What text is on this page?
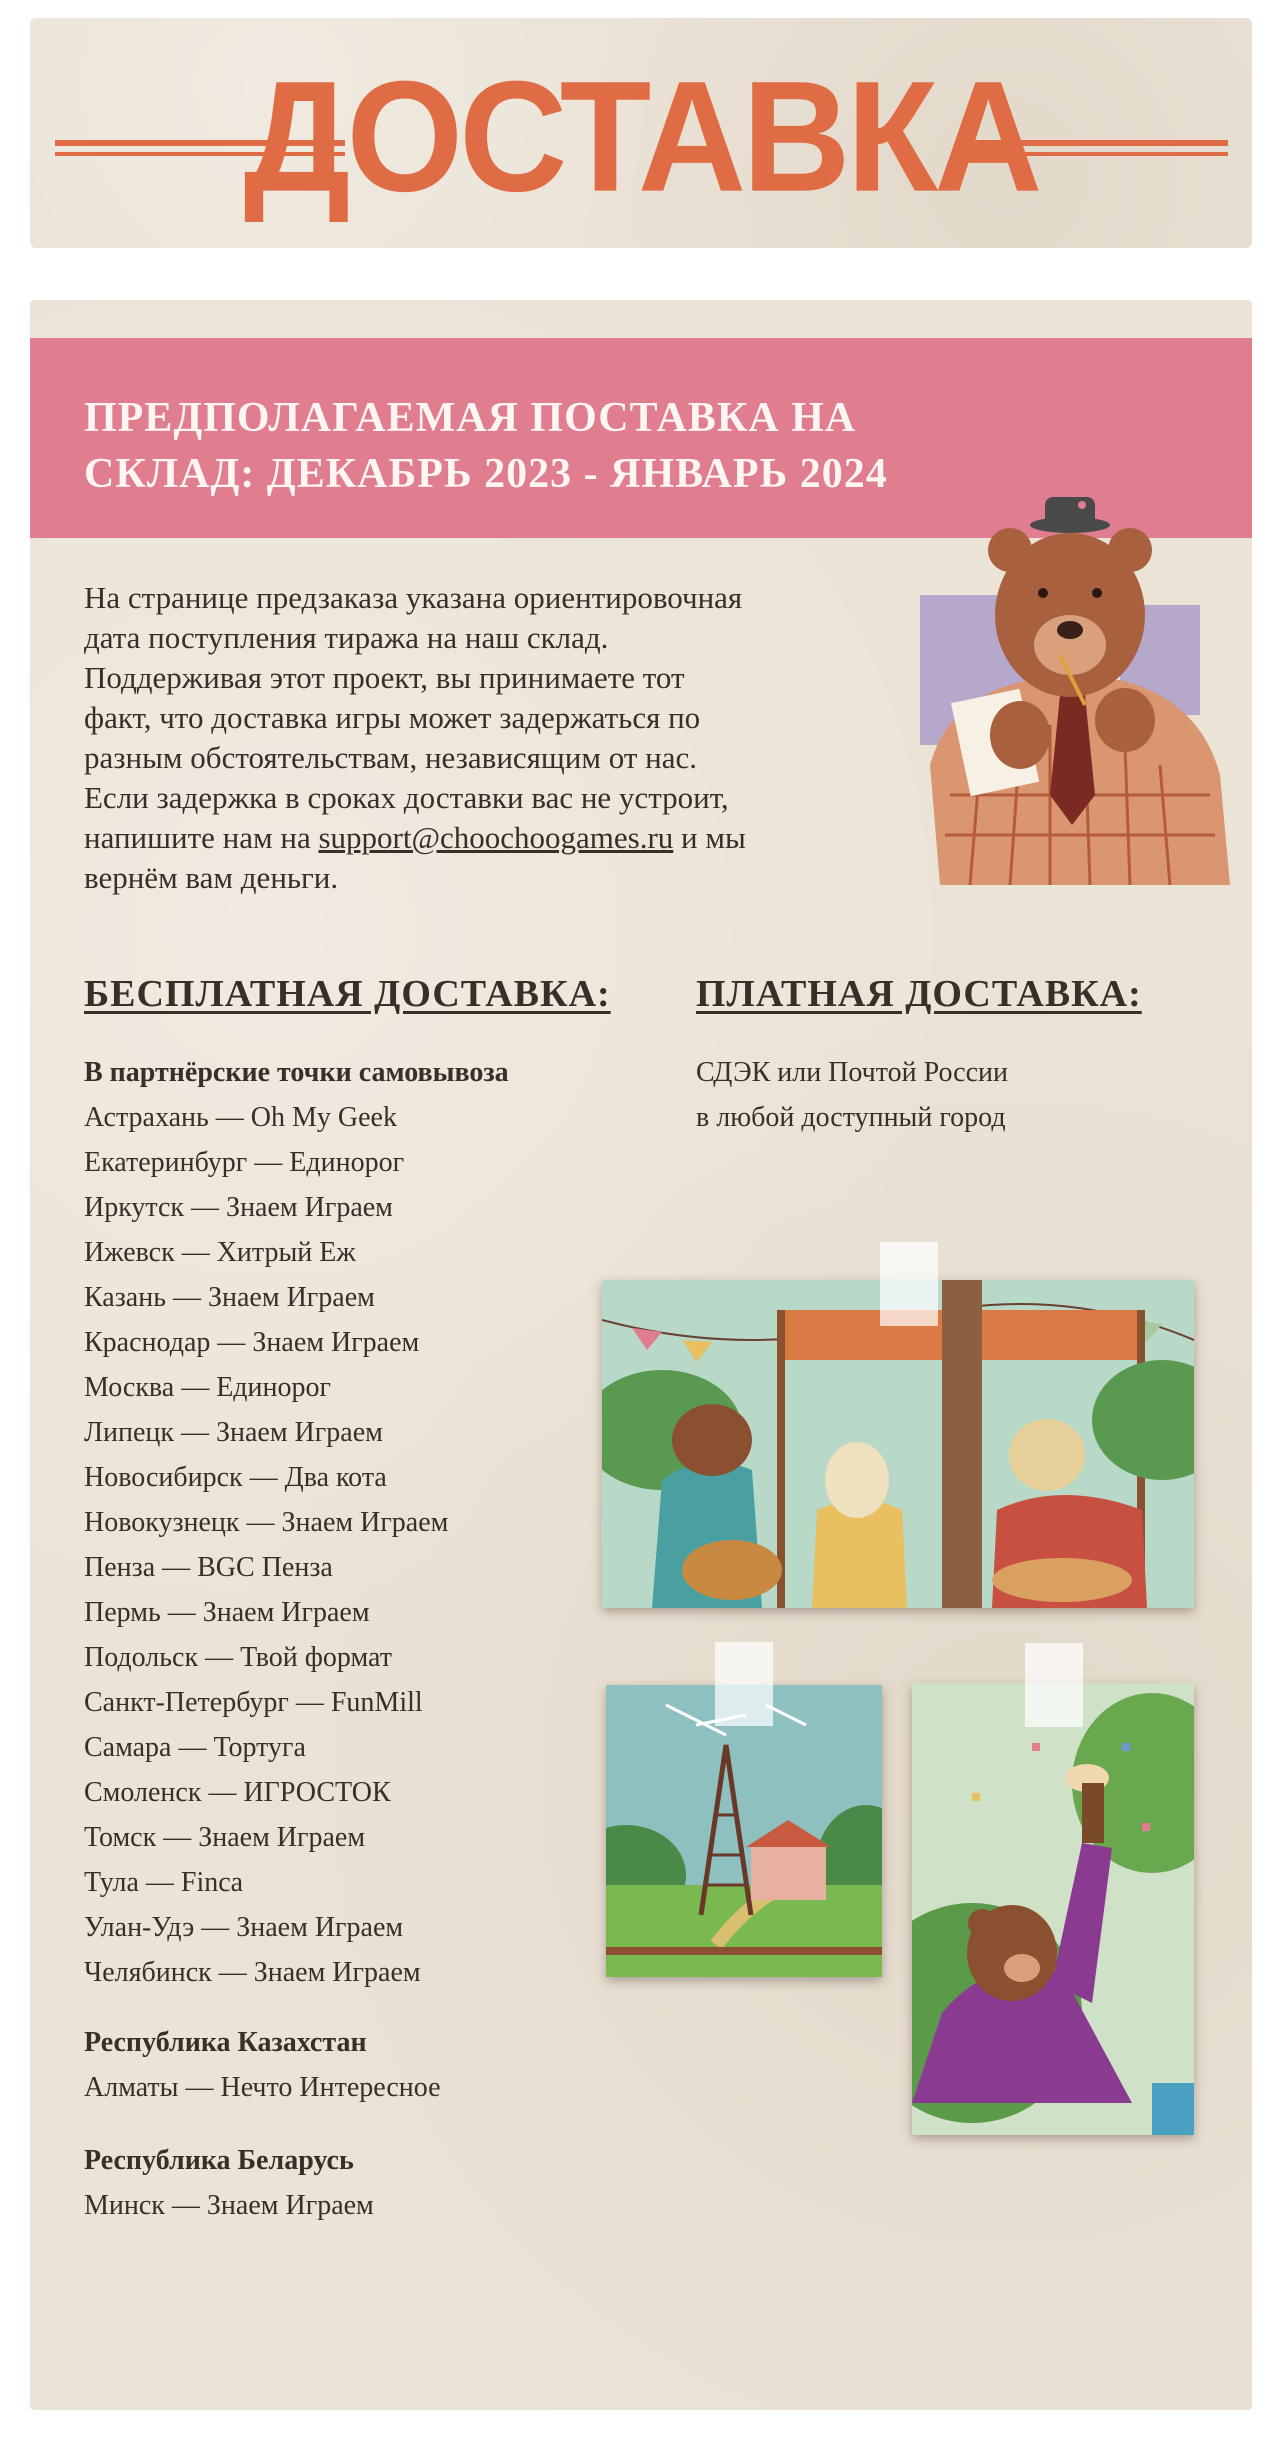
ДОСТАВКА
ПРЕДПОЛАГАЕМАЯ ПОСТАВКА НА СКЛАД: ДЕКАБРЬ 2023 - ЯНВАРЬ 2024
На странице предзаказа указана ориентировочная
дата поступления тиража на наш склад.
Поддерживая этот проект, вы принимаете тот
факт, что доставка игры может задержаться по
разным обстоятельствам, независящим от нас.
Если задержка в сроках доставки вас не устроит,
напишите нам на support@choochoogames.ru и мы
вернём вам деньги.
БЕСПЛАТНАЯ ДОСТАВКА: ПЛАТНАЯ ДОСТАВКА:
В партнёрские точки самовывоза
Астрахань — Oh My Geek
Екатеринбург — Единорог
Иркутск — Знаем Играем
Ижевск — Хитрый Еж
Казань — Знаем Играем
Краснодар — Знаем Играем
Москва — Единорог
Липецк — Знаем Играем
Новосибирск — Два кота
Новокузнецк — Знаем Играем
Пенза — BGC Пенза
Пермь — Знаем Играем
Подольск — Твой формат
Санкт-Петербург — FunMill
Самара — Тортуга
Смоленск — ИГРОСТОК
Томск — Знаем Играем
Тула — Finca
Улан-Удэ — Знаем Играем
Челябинск — Знаем Играем
Республика Казахстан
Алматы — Нечто Интересное
Республика Беларусь
Минск — Знаем Играем
СДЭК или Почтой России
в любой доступный город
